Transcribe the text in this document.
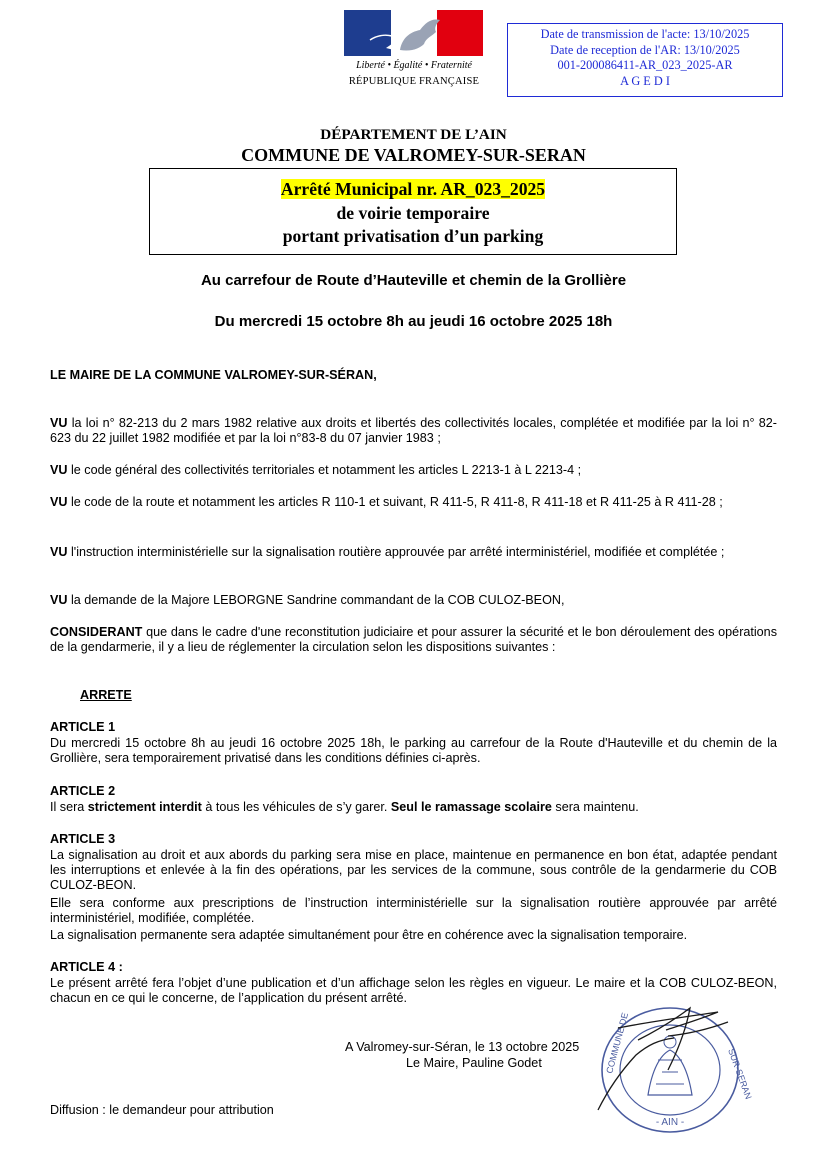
Liberté • Égalité • Fraternité
RÉPUBLIQUE FRANÇAISE
Date de transmission de l'acte: 13/10/2025
Date de reception de l'AR: 13/10/2025
001-200086411-AR_023_2025-AR
A G E D I
DÉPARTEMENT DE L’AIN
COMMUNE DE VALROMEY-SUR-SERAN
Arrêté Municipal nr. AR_023_2025
de voirie temporaire
portant privatisation d’un parking
Au carrefour de Route d’Hauteville et chemin de la Grollière
Du mercredi 15 octobre 8h au jeudi 16 octobre 2025 18h
LE MAIRE DE LA COMMUNE VALROMEY-SUR-SÉRAN,
VU la loi n° 82-213 du 2 mars 1982 relative aux droits et libertés des collectivités locales, complétée et modifiée par la loi n° 82-623 du 22 juillet 1982 modifiée et par la loi n°83-8 du 07 janvier 1983 ;
VU le code général des collectivités territoriales et notamment les articles L 2213-1 à L 2213-4 ;
VU le code de la route et notamment les articles R 110-1 et suivant, R 411-5, R 411-8, R 411-18 et R 411-25 à R 411-28 ;
VU l'instruction interministérielle sur la signalisation routière approuvée par arrêté interministériel, modifiée et complétée ;
VU la demande de la Majore LEBORGNE Sandrine commandant de la COB CULOZ-BEON,
CONSIDERANT que dans le cadre d'une reconstitution judiciaire et pour assurer la sécurité et le bon déroulement des opérations de la gendarmerie, il y a lieu de réglementer la circulation selon les dispositions suivantes :
ARRETE
ARTICLE 1
Du mercredi 15 octobre 8h au jeudi 16 octobre 2025 18h, le parking au carrefour de la Route d'Hauteville et du chemin de la Grollière, sera temporairement privatisé dans les conditions définies ci-après.
ARTICLE 2
Il sera strictement interdit à tous les véhicules de s’y garer. Seul le ramassage scolaire sera maintenu.
ARTICLE 3
La signalisation au droit et aux abords du parking sera mise en place, maintenue en permanence en bon état, adaptée pendant les interruptions et enlevée à la fin des opérations, par les services de la commune, sous contrôle de la gendarmerie du COB CULOZ-BEON.
Elle sera conforme aux prescriptions de l’instruction interministérielle sur la signalisation routière approuvée par arrêté interministériel, modifiée, complétée.
La signalisation permanente sera adaptée simultanément pour être en cohérence avec la signalisation temporaire.
ARTICLE 4 :
Le présent arrêté fera l’objet d’une publication et d’un affichage selon les règles en vigueur. Le maire et la COB CULOZ-BEON, chacun en ce qui le concerne, de l’application du présent arrêté.
A Valromey-sur-Séran, le 13 octobre 2025
Le Maire, Pauline Godet
- AIN -
COMMUNE DE	SUR-SERAN
Diffusion : le demandeur pour attribution
